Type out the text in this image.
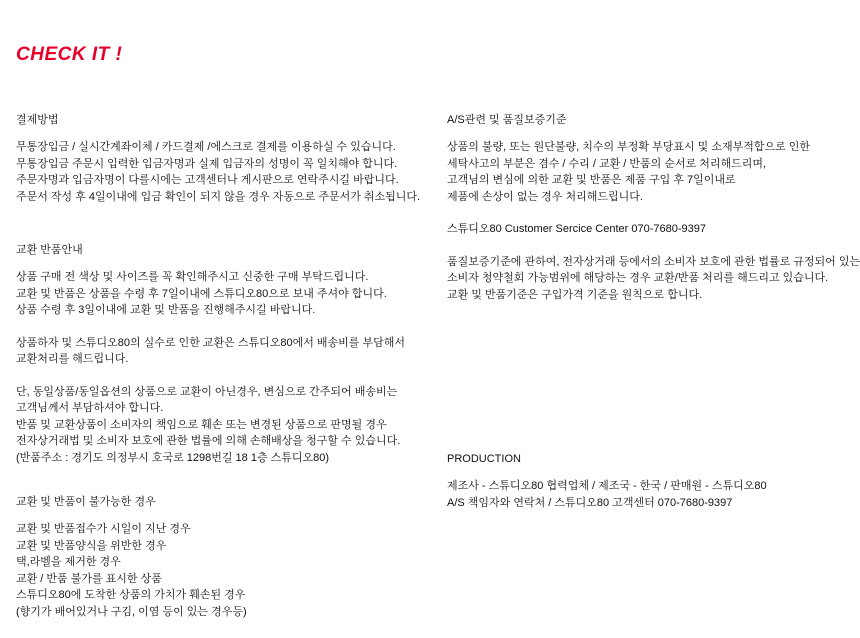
CHECK IT !
결제방법
무통장입금 / 실시간계좌이체 / 카드결제 /에스크로 결제를 이용하실 수 있습니다.
무통장입금 주문시 입력한 입금자명과 실제 입금자의 성명이 꼭 일치해야 합니다.
주문자명과 입금자명이 다를시에는 고객센터나 게시판으로 연락주시길 바랍니다.
주문서 작성 후 4일이내에 입금 확인이 되지 않을 경우 자동으로 주문서가 취소됩니다.
교환 반품안내
상품 구매 전 색상 및 사이즈를 꼭 확인해주시고 신중한 구매 부탁드립니다.
교환 및 반품은 상품을 수령 후 7일이내에 스튜디오80으로 보내 주셔야 합니다.
상품 수령 후 3일이내에 교환 및 반품을 진행해주시길 바랍니다.
상품하자 및 스튜디오80의 실수로 인한 교환은 스튜디오80에서 배송비를 부담해서
교환처리를 해드립니다.
단, 동일상품/동일옵션의 상품으로 교환이 아닌경우, 변심으로 간주되어 배송비는
고객님께서 부담하셔야 합니다.
반품 및 교환상품이 소비자의 책임으로 훼손 또는 변경된 상품으로 판명될 경우
전자상거래법 및 소비자 보호에 관한 법률에 의해 손해배상을 청구할 수 있습니다.
(반품주소 : 경기도 의정부시 호국로 1298번길 18 1층 스튜디오80)
교환 및 반품이 불가능한 경우
교환 및 반품접수가 시일이 지난 경우
교환 및 반품양식을 위반한 경우
택,라벨을 제거한 경우
교환 / 반품 불가를 표시한 상품
스튜디오80에 도착한 상품의 가치가 훼손된 경우
(향기가 배어있거나 구김, 이염 등이 있는 경우등)
A/S관련 및 품질보증기준
상품의 불량, 또는 원단불량, 치수의 부정확 부당표시 및 소재부적합으로 인한
세탁사고의 부분은 겸수 / 수리 / 교환 / 반품의 순서로 처리해드리며,
고객님의 변심에 의한 교환 및 반품은 제품 구입 후 7일이내로
제품에 손상이 없는 경우 처리해드립니다.
스튜디오80 Customer Sercice Center 070-7680-9397
품질보증기준에 관하여, 전자상거래 등에서의 소비자 보호에 관한 법률로 규정되어 있는
소비자 청약철회 가능범위에 해당하는 경우 교환/반품 처리를 해드리고 있습니다.
교환 및 반품기준은 구입가격 기준을 원칙으로 합니다.
PRODUCTION
제조사 - 스튜디오80 협력업체 / 제조국 - 한국 / 판매원 - 스튜디오80
A/S 책임자와 연락처 / 스튜디오80 고객센터 070-7680-9397
